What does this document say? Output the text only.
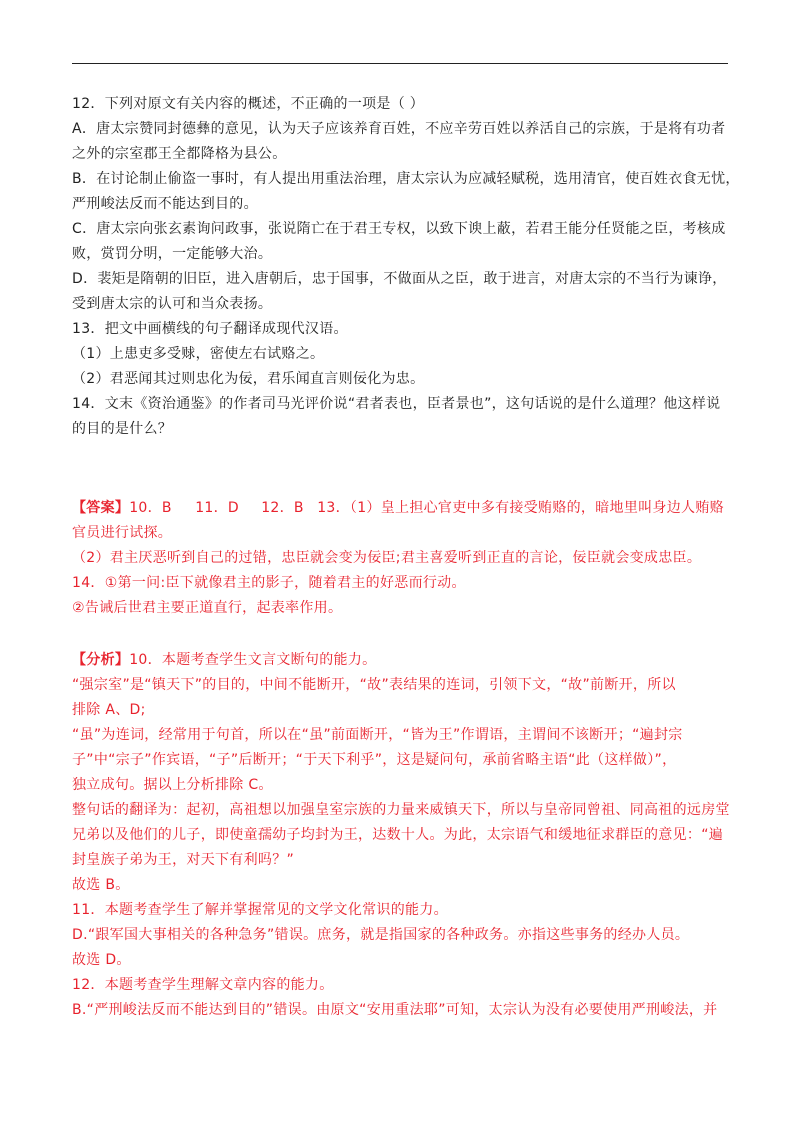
12．下列对原文有关内容的概述，不正确的一项是（ ）
A．唐太宗赞同封德彝的意见，认为天子应该养育百姓，不应辛劳百姓以养活自己的宗族，于是将有功者
之外的宗室郡王全都降格为县公。
B．在讨论制止偷盗一事时，有人提出用重法治理，唐太宗认为应减轻赋税，选用清官，使百姓衣食无忧，
严刑峻法反而不能达到目的。
C．唐太宗向张玄素询问政事，张说隋亡在于君王专权，以致下谀上蔽，若君王能分任贤能之臣，考核成
败，赏罚分明，一定能够大治。
D．裴矩是隋朝的旧臣，进入唐朝后，忠于国事，不做面从之臣，敢于进言，对唐太宗的不当行为谏诤，
受到唐太宗的认可和当众表扬。
13．把文中画横线的句子翻译成现代汉语。
（1）上患吏多受赇，密使左右试赂之。
（2）君恶闻其过则忠化为佞，君乐闻直言则佞化为忠。
14．文末《资治通鉴》的作者司马光评价说“君者表也，臣者景也”，这句话说的是什么道理？他这样说
的目的是什么？
【答案】10．B 11．D 12．B 13．（1）皇上担心官吏中多有接受贿赂的，暗地里叫身边人贿赂
官员进行试探。
（2）君主厌恶听到自己的过错，忠臣就会变为佞臣;君主喜爱听到正直的言论，佞臣就会变成忠臣。
14．①第一问:臣下就像君主的影子，随着君主的好恶而行动。
②告诫后世君主要正道直行，起表率作用。
【分析】10．本题考查学生文言文断句的能力。
“强宗室”是“镇天下”的目的，中间不能断开，“故”表结果的连词，引领下文，“故”前断开，所以
排除 A、D;
“虽”为连词，经常用于句首，所以在“虽”前面断开，“皆为王”作谓语，主谓间不该断开；“遍封宗
子”中“宗子”作宾语，“子”后断开；“于天下利乎”，这是疑问句，承前省略主语“此（这样做）”，
独立成句。据以上分析排除 C。
整句话的翻译为：起初，高祖想以加强皇室宗族的力量来威镇天下，所以与皇帝同曾祖、同高祖的远房堂
兄弟以及他们的儿子，即使童孺幼子均封为王，达数十人。为此，太宗语气和缓地征求群臣的意见：“遍
封皇族子弟为王，对天下有利吗？”
故选 B。
11．本题考查学生了解并掌握常见的文学文化常识的能力。
D.“跟军国大事相关的各种急务”错误。庶务，就是指国家的各种政务。亦指这些事务的经办人员。
故选 D。
12．本题考查学生理解文章内容的能力。
B.“严刑峻法反而不能达到目的”错误。由原文“安用重法耶”可知，太宗认为没有必要使用严刑峻法，并
